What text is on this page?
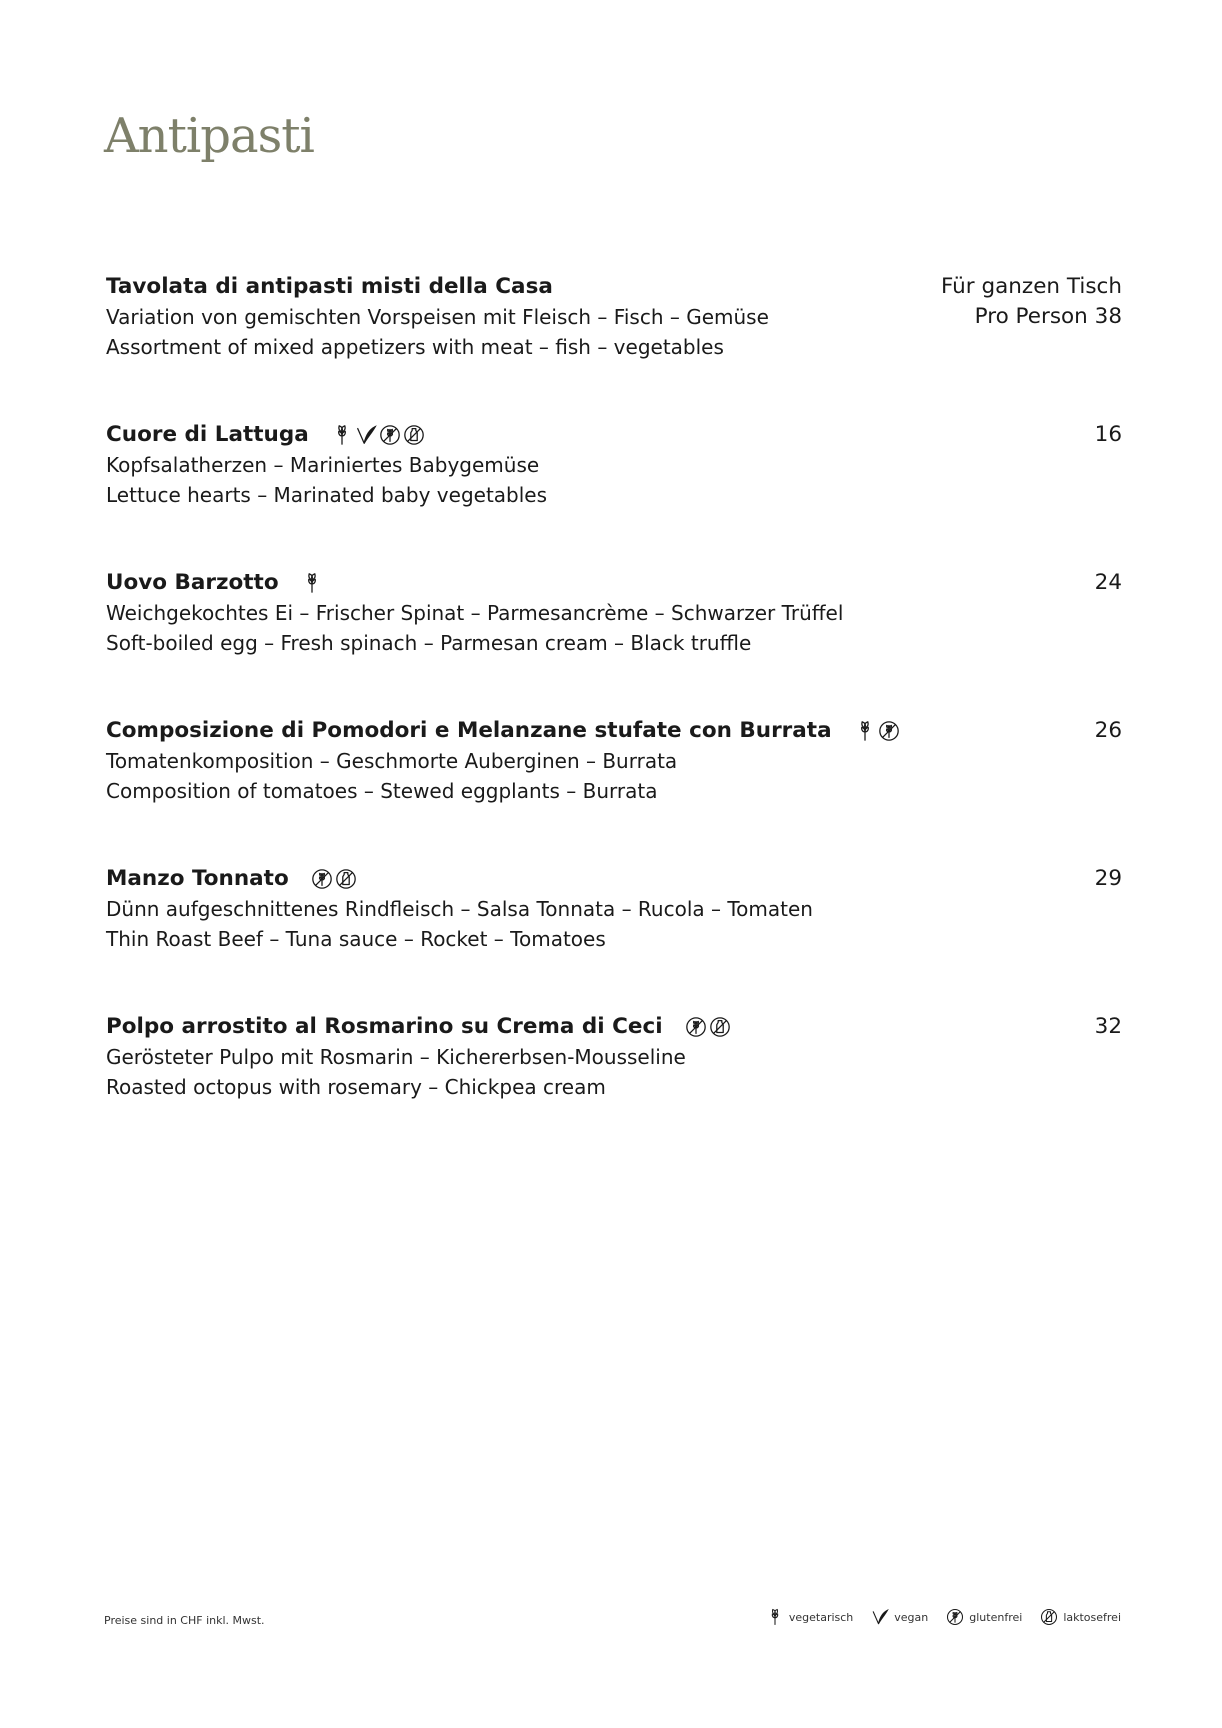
Antipasti
Tavolata di antipasti misti della Casa
Variation von gemischten Vorspeisen mit Fleisch – Fisch – Gemüse
Assortment of mixed appetizers with meat – fish – vegetables
Für ganzen Tisch
Pro Person 38
Cuore di Lattuga
Kopfsalatherzen – Mariniertes Babygemüse
Lettuce hearts – Marinated baby vegetables
16
Uovo Barzotto
Weichgekochtes Ei – Frischer Spinat – Parmesancrème – Schwarzer Trüffel
Soft-boiled egg – Fresh spinach – Parmesan cream – Black truffle
24
Composizione di Pomodori e Melanzane stufate con Burrata
Tomatenkomposition – Geschmorte Auberginen – Burrata
Composition of tomatoes – Stewed eggplants – Burrata
26
Manzo Tonnato
Dünn aufgeschnittenes Rindfleisch – Salsa Tonnata – Rucola – Tomaten
Thin Roast Beef – Tuna sauce – Rocket – Tomatoes
29
Polpo arrostito al Rosmarino su Crema di Ceci
Gerösteter Pulpo mit Rosmarin – Kichererbsen-Mousseline
Roasted octopus with rosemary – Chickpea cream
32
Preise sind in CHF inkl. Mwst.	vegetarisch	vegan	glutenfrei	laktosefrei
